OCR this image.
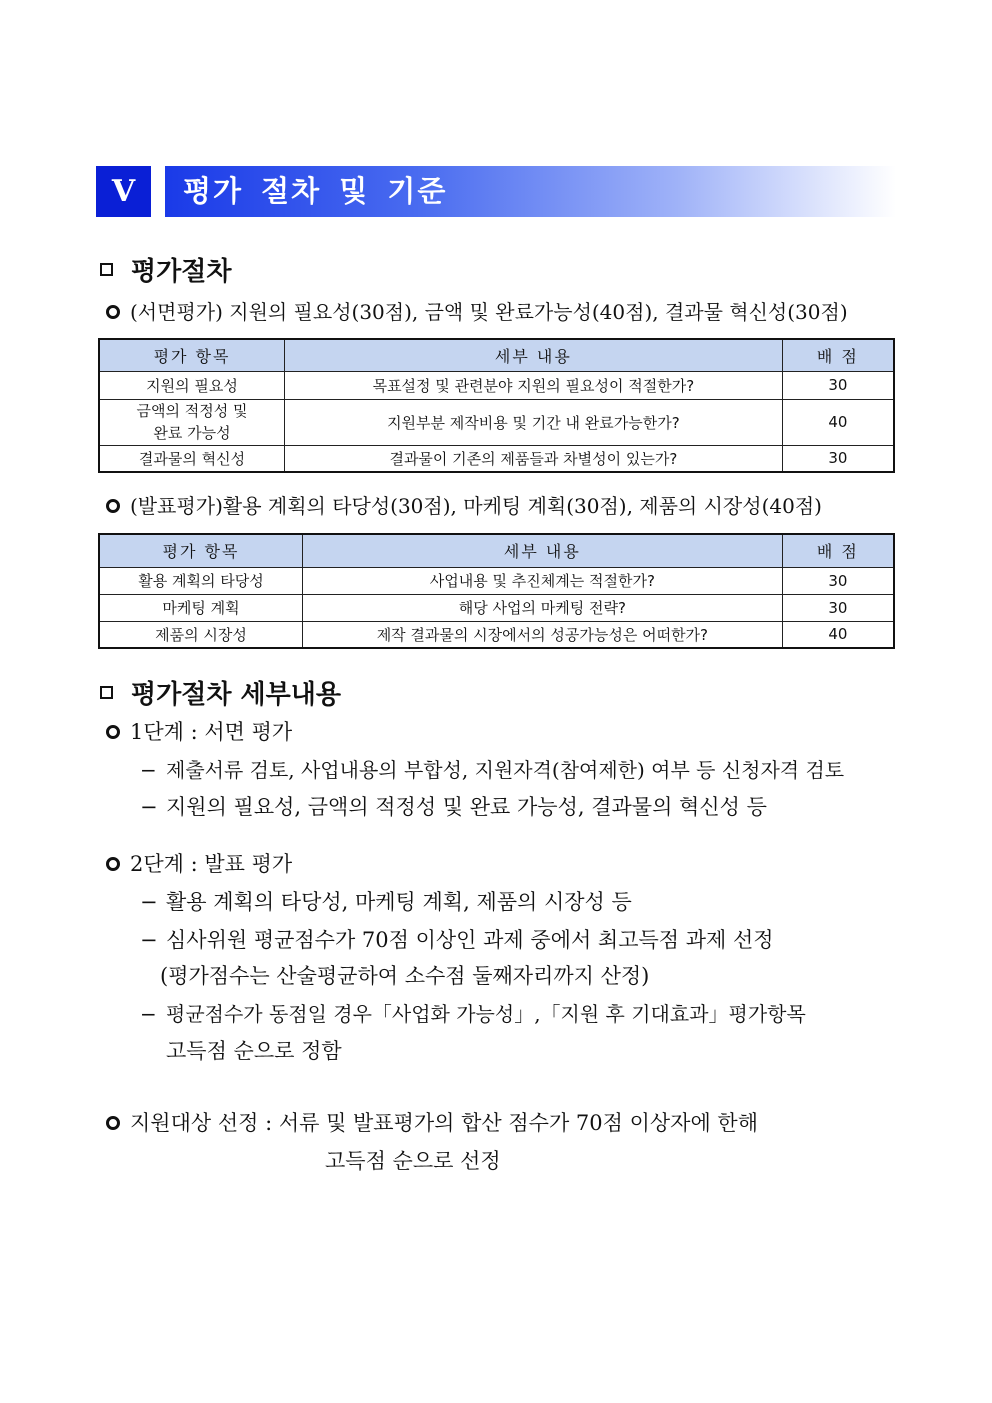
V	평가 절차 및 기준
평가절차
(서면평가) 지원의 필요성(30점), 금액 및 완료가능성(40점), 결과물 혁신성(30점)
평가 항목	세부 내용	배 점
지원의 필요성	목표설정 및 관련분야 지원의 필요성이 적절한가?	30

금액의 적정성 및
완료 가능성	지원부분 제작비용 및 기간 내 완료가능한가?	40
결과물의 혁신성	결과물이 기존의 제품들과 차별성이 있는가?	30
(발표평가)활용 계획의 타당성(30점), 마케팅 계획(30점), 제품의 시장성(40점)
평가 항목	세부 내용	배 점
활용 계획의 타당성	사업내용 및 추진체계는 적절한가?	30
마케팅 계획	해당 사업의 마케팅 전략?	30
제품의 시장성	제작 결과물의 시장에서의 성공가능성은 어떠한가?	40
평가절차 세부내용
1단계 : 서면 평가
− 제출서류 검토, 사업내용의 부합성, 지원자격(참여제한) 여부 등 신청자격 검토
− 지원의 필요성, 금액의 적정성 및 완료 가능성, 결과물의 혁신성 등
2단계 : 발표 평가
− 활용 계획의 타당성, 마케팅 계획, 제품의 시장성 등
− 심사위원 평균점수가 70점 이상인 과제 중에서 최고득점 과제 선정
(평가점수는 산술평균하여 소수점 둘째자리까지 산정)
− 평균점수가 동점일 경우「사업화 가능성」,「지원 후 기대효과」평가항목
고득점 순으로 정함
지원대상 선정 : 서류 및 발표평가의 합산 점수가 70점 이상자에 한해
고득점 순으로 선정
